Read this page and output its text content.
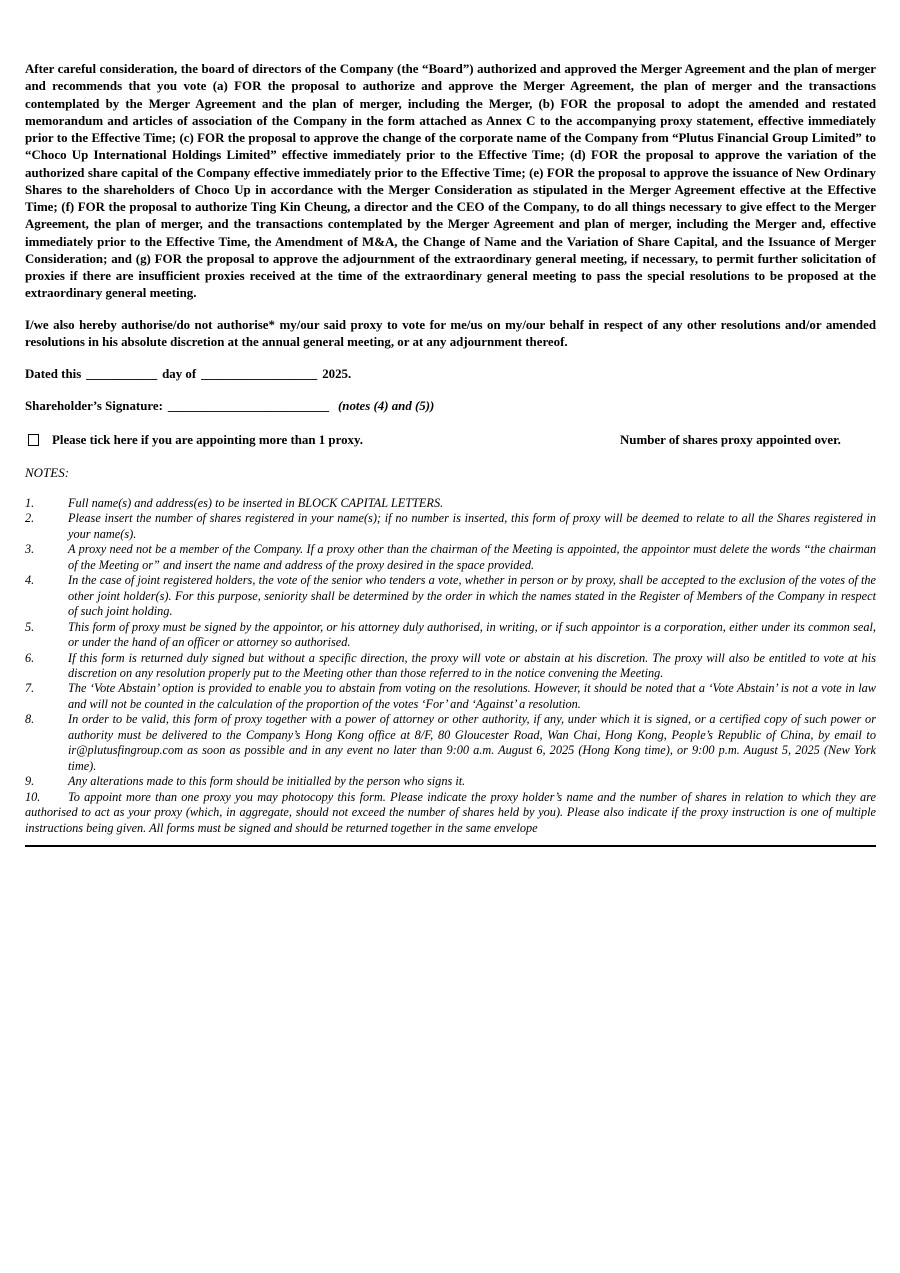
After careful consideration, the board of directors of the Company (the “Board”) authorized and approved the Merger Agreement and the plan of merger and recommends that you vote (a) FOR the proposal to authorize and approve the Merger Agreement, the plan of merger and the transactions contemplated by the Merger Agreement and the plan of merger, including the Merger, (b) FOR the proposal to adopt the amended and restated memorandum and articles of association of the Company in the form attached as Annex C to the accompanying proxy statement, effective immediately prior to the Effective Time; (c) FOR the proposal to approve the change of the corporate name of the Company from “Plutus Financial Group Limited” to “Choco Up International Holdings Limited” effective immediately prior to the Effective Time; (d) FOR the proposal to approve the variation of the authorized share capital of the Company effective immediately prior to the Effective Time; (e) FOR the proposal to approve the issuance of New Ordinary Shares to the shareholders of Choco Up in accordance with the Merger Consideration as stipulated in the Merger Agreement effective at the Effective Time; (f) FOR the proposal to authorize Ting Kin Cheung, a director and the CEO of the Company, to do all things necessary to give effect to the Merger Agreement, the plan of merger, and the transactions contemplated by the Merger Agreement and plan of merger, including the Merger and, effective immediately prior to the Effective Time, the Amendment of M&A, the Change of Name and the Variation of Share Capital, and the Issuance of Merger Consideration; and (g) FOR the proposal to approve the adjournment of the extraordinary general meeting, if necessary, to permit further solicitation of proxies if there are insufficient proxies received at the time of the extraordinary general meeting to pass the special resolutions to be proposed at the extraordinary general meeting.

I/we also hereby authorise/do not authorise* my/our said proxy to vote for me/us on my/our behalf in respect of any other resolutions and/or amended resolutions in his absolute discretion at the annual general meeting, or at any adjournment thereof.

Dated this ___________ day of __________________ 2025.

Shareholder’s Signature: _________________________ (notes (4) and (5))

Please tick here if you are appointing more than 1 proxy.	Number of shares proxy appointed over.

NOTES:

1.	Full name(s) and address(es) to be inserted in BLOCK CAPITAL LETTERS.
2.	Please insert the number of shares registered in your name(s); if no number is inserted, this form of proxy will be deemed to relate to all the Shares registered in your name(s).
3.	A proxy need not be a member of the Company. If a proxy other than the chairman of the Meeting is appointed, the appointor must delete the words “the chairman of the Meeting or” and insert the name and address of the proxy desired in the space provided.
4.	In the case of joint registered holders, the vote of the senior who tenders a vote, whether in person or by proxy, shall be accepted to the exclusion of the votes of the other joint holder(s). For this purpose, seniority shall be determined by the order in which the names stated in the Register of Members of the Company in respect of such joint holding.
5.	This form of proxy must be signed by the appointor, or his attorney duly authorised, in writing, or if such appointor is a corporation, either under its common seal, or under the hand of an officer or attorney so authorised.
6.	If this form is returned duly signed but without a specific direction, the proxy will vote or abstain at his discretion. The proxy will also be entitled to vote at his discretion on any resolution properly put to the Meeting other than those referred to in the notice convening the Meeting.
7.	The ‘Vote Abstain’ option is provided to enable you to abstain from voting on the resolutions. However, it should be noted that a ‘Vote Abstain’ is not a vote in law and will not be counted in the calculation of the proportion of the votes ‘For’ and ‘Against’ a resolution.
8.	In order to be valid, this form of proxy together with a power of attorney or other authority, if any, under which it is signed, or a certified copy of such power or authority must be delivered to the Company’s Hong Kong office at 8/F, 80 Gloucester Road, Wan Chai, Hong Kong, People’s Republic of China, by email to ir@plutusfingroup.com as soon as possible and in any event no later than 9:00 a.m. August 6, 2025 (Hong Kong time), or 9:00 p.m. August 5, 2025 (New York time).
9.	Any alterations made to this form should be initialled by the person who signs it.
10. To appoint more than one proxy you may photocopy this form. Please indicate the proxy holder’s name and the number of shares in relation to which they are authorised to act as your proxy (which, in aggregate, should not exceed the number of shares held by you). Please also indicate if the proxy instruction is one of multiple instructions being given. All forms must be signed and should be returned together in the same envelope
